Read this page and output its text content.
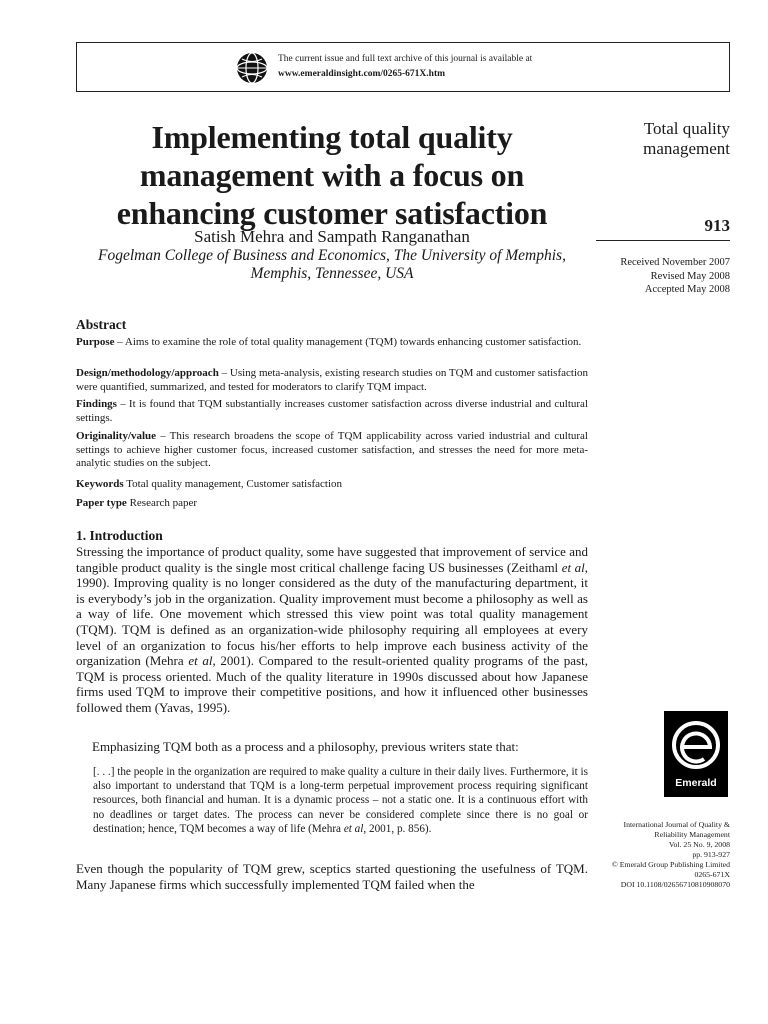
The current issue and full text archive of this journal is available at
www.emeraldinsight.com/0265-671X.htm
Implementing total quality management with a focus on enhancing customer satisfaction
Satish Mehra and Sampath Ranganathan
Fogelman College of Business and Economics, The University of Memphis, Memphis, Tennessee, USA
Total quality management
913
Received November 2007
Revised May 2008
Accepted May 2008
Abstract
Purpose – Aims to examine the role of total quality management (TQM) towards enhancing customer satisfaction.
Design/methodology/approach – Using meta-analysis, existing research studies on TQM and customer satisfaction were quantified, summarized, and tested for moderators to clarify TQM impact.
Findings – It is found that TQM substantially increases customer satisfaction across diverse industrial and cultural settings.
Originality/value – This research broadens the scope of TQM applicability across varied industrial and cultural settings to achieve higher customer focus, increased customer satisfaction, and stresses the need for more meta-analytic studies on the subject.
Keywords Total quality management, Customer satisfaction
Paper type Research paper
1. Introduction
Stressing the importance of product quality, some have suggested that improvement of service and tangible product quality is the single most critical challenge facing US businesses (Zeithaml et al, 1990). Improving quality is no longer considered as the duty of the manufacturing department, it is everybody’s job in the organization. Quality improvement must become a philosophy as well as a way of life. One movement which stressed this view point was total quality management (TQM). TQM is defined as an organization-wide philosophy requiring all employees at every level of an organization to focus his/her efforts to help improve each business activity of the organization (Mehra et al, 2001). Compared to the result-oriented quality programs of the past, TQM is process oriented. Much of the quality literature in 1990s discussed about how Japanese firms used TQM to improve their competitive positions, and how it influenced other businesses followed them (Yavas, 1995).
Emphasizing TQM both as a process and a philosophy, previous writers state that:
[. . .] the people in the organization are required to make quality a culture in their daily lives. Furthermore, it is also important to understand that TQM is a long-term perpetual improvement process requiring significant resources, both financial and human. It is a dynamic process – not a static one. It is a continuous effort with no deadlines or target dates. The process can never be considered complete since there is no goal or destination; hence, TQM becomes a way of life (Mehra et al, 2001, p. 856).
Even though the popularity of TQM grew, sceptics started questioning the usefulness of TQM. Many Japanese firms which successfully implemented TQM failed when the
Emerald
International Journal of Quality &
Reliability Management
Vol. 25 No. 9, 2008
pp. 913-927
© Emerald Group Publishing Limited
0265-671X
DOI 10.1108/02656710810908070
